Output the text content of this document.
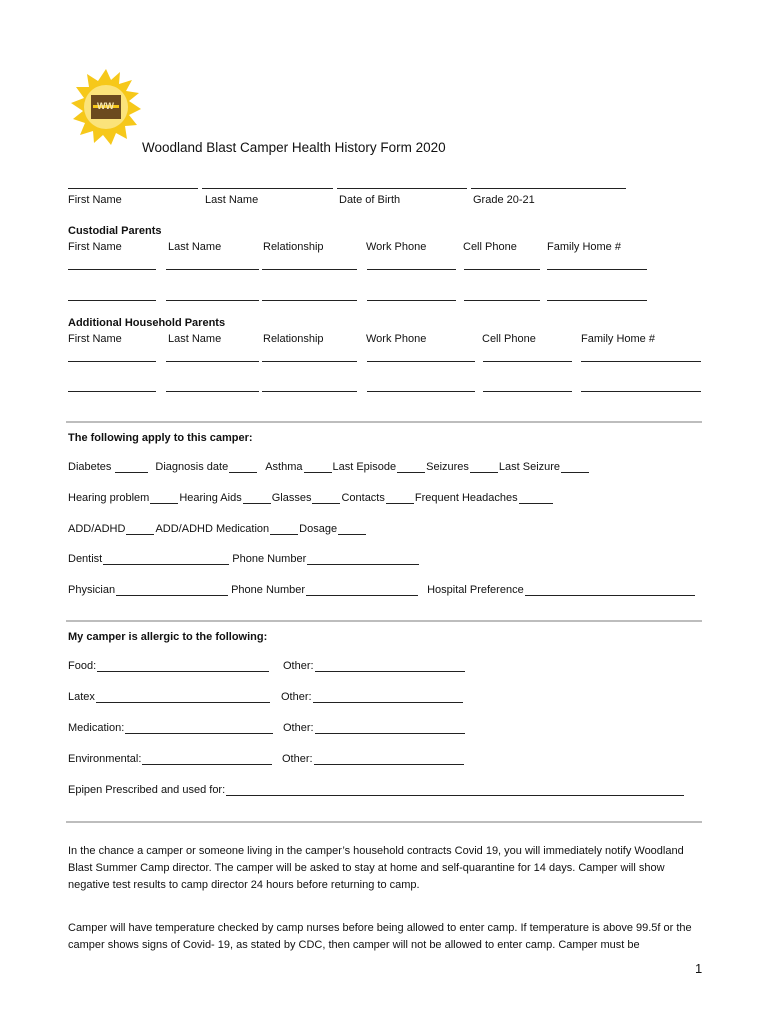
WW
Woodland Blast Camper Health History Form 2020
First Name	Last Name	Date of Birth	Grade 20-21
Custodial Parents
First Name	Last Name	Relationship	Work Phone	Cell Phone	Family Home #
Additional Household Parents
First Name	Last Name	Relationship	Work Phone	Cell Phone	Family Home #
The following apply to this camper:
Diabetes	Diagnosis date	Asthma	Last Episode	Seizures	Last Seizure
Hearing problem	Hearing Aids	Glasses	Contacts	Frequent Headaches
ADD/ADHD	ADD/ADHD Medication	Dosage
Dentist	Phone Number
Physician	Phone Number	Hospital Preference
My camper is allergic to the following:
Food:	Other:
Latex	Other:
Medication:	Other:
Environmental:	Other:
Epipen Prescribed and used for:
In the chance a camper or someone living in the camper’s household contracts Covid 19, you will immediately notify Woodland Blast Summer Camp director. The camper will be asked to stay at home and self-quarantine for 14 days. Camper will show negative test results to camp director 24 hours before returning to camp.
Camper will have temperature checked by camp nurses before being allowed to enter camp. If temperature is above 99.5f or the camper shows signs of Covid- 19, as stated by CDC, then camper will not be allowed to enter camp. Camper must be
1
